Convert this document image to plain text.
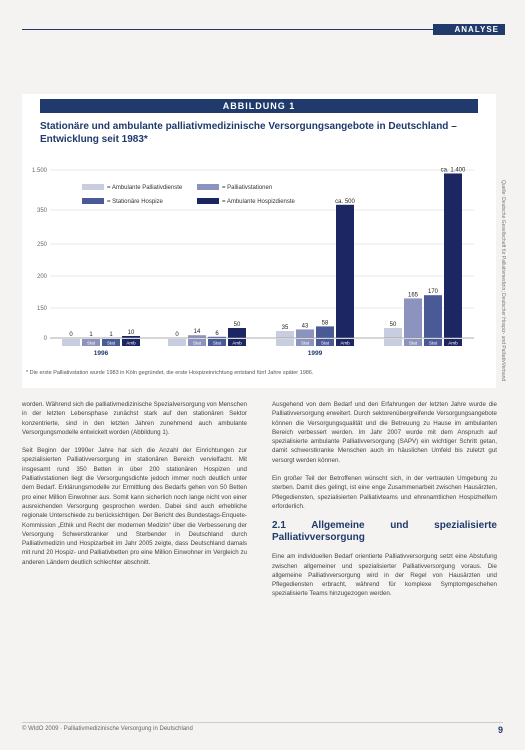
ANALYSE
ABBILDUNG 1
Stationäre und ambulante palliativmedizinische Versorgungsangebote in Deutschland – Entwicklung seit 1983*
0
150
200
250
350
1.500
= Ambulante Palliativdienste	= Palliativstationen
= Stationäre Hospize	= Ambulante Hospizdienste
0	1
Stat
1
Stat
10
Amb
0 14
Stat
6
Stat
50
Amb
35 43
Stat
58
Stat
ca. 500
Amb
50
165
Stat
170
Stat
ca. 1.400
Amb
1996	1999
* Die erste Palliativstation wurde 1983 in Köln gegründet, die erste Hospizeinrichtung entstand fünf Jahre später 1986.	Quelle: Deutsche Gesellschaft für Palliativmedizin; Deutscher Hospiz- und PalliativVerband

worden. Während sich die palliativmedizinische Spezialversorgung von Menschen in der letzten Lebensphase zunächst stark auf den stationären Sektor konzentrierte, sind in den letzten Jahren zunehmend auch ambulante Versorgungsmodelle entwickelt worden (Abbildung 1).

Seit Beginn der 1990er Jahre hat sich die Anzahl der Einrichtungen zur spezialisierten Palliativversorgung im stationären Bereich vervielfacht. Mit insgesamt rund 350 Betten in über 200 stationären Hospizen und Palliativstationen liegt die Versorgungsdichte jedoch immer noch deutlich unter dem Bedarf. Erklärungsmodelle zur Ermittlung des Bedarfs gehen von 50 Betten pro einer Million Einwohner aus. Somit kann sicherlich noch lange nicht von einer ausreichenden Versorgung gesprochen werden. Dabei sind auch erhebliche regionale Unterschiede zu berücksichtigen. Der Bericht des Bundestags-Enquete-Kommission „Ethik und Recht der modernen Medizin“ über die Verbesserung der Versorgung Schwerstkranker und Sterbender in Deutschland durch Palliativmedizin und Hospizarbeit im Jahr 2005 zeigte, dass Deutschland damals mit rund 20 Hospiz- und Palliativbetten pro eine Million Einwohner im Vergleich zu anderen Ländern deutlich schlechter abschnitt.

Ausgehend von dem Bedarf und den Erfahrungen der letzten Jahre wurde die Palliativversorgung erweitert. Durch sektorenübergreifende Versorgungsangebote können die Versorgungsqualität und die Betreuung zu Hause im ambulanten Bereich verbessert werden. Im Jahr 2007 wurde mit dem Anspruch auf spezialisierte ambulante Palliativversorgung (SAPV) ein wichtiger Schritt getan, damit schwerstkranke Menschen auch im häuslichen Umfeld bis zuletzt gut versorgt werden können.

Ein großer Teil der Betroffenen wünscht sich, in der vertrauten Umgebung zu sterben. Damit dies gelingt, ist eine enge Zusammenarbeit zwischen Hausärzten, Pflegediensten, spezialisierten Palliativteams und ehrenamtlichen Hospizhelfern erforderlich.

2.1 Allgemeine und spezialisierte Palliativversorgung

Eine am individuellen Bedarf orientierte Palliativversorgung setzt eine Abstufung zwischen allgemeiner und spezialisierter Palliativversorgung voraus. Die allgemeine Palliativversorgung wird in der Regel von Hausärzten und Pflegediensten erbracht, während für komplexe Symptomgeschehen spezialisierte Teams hinzugezogen werden.

© WIdO 2009 · Palliativmedizinische Versorgung in Deutschland	9
